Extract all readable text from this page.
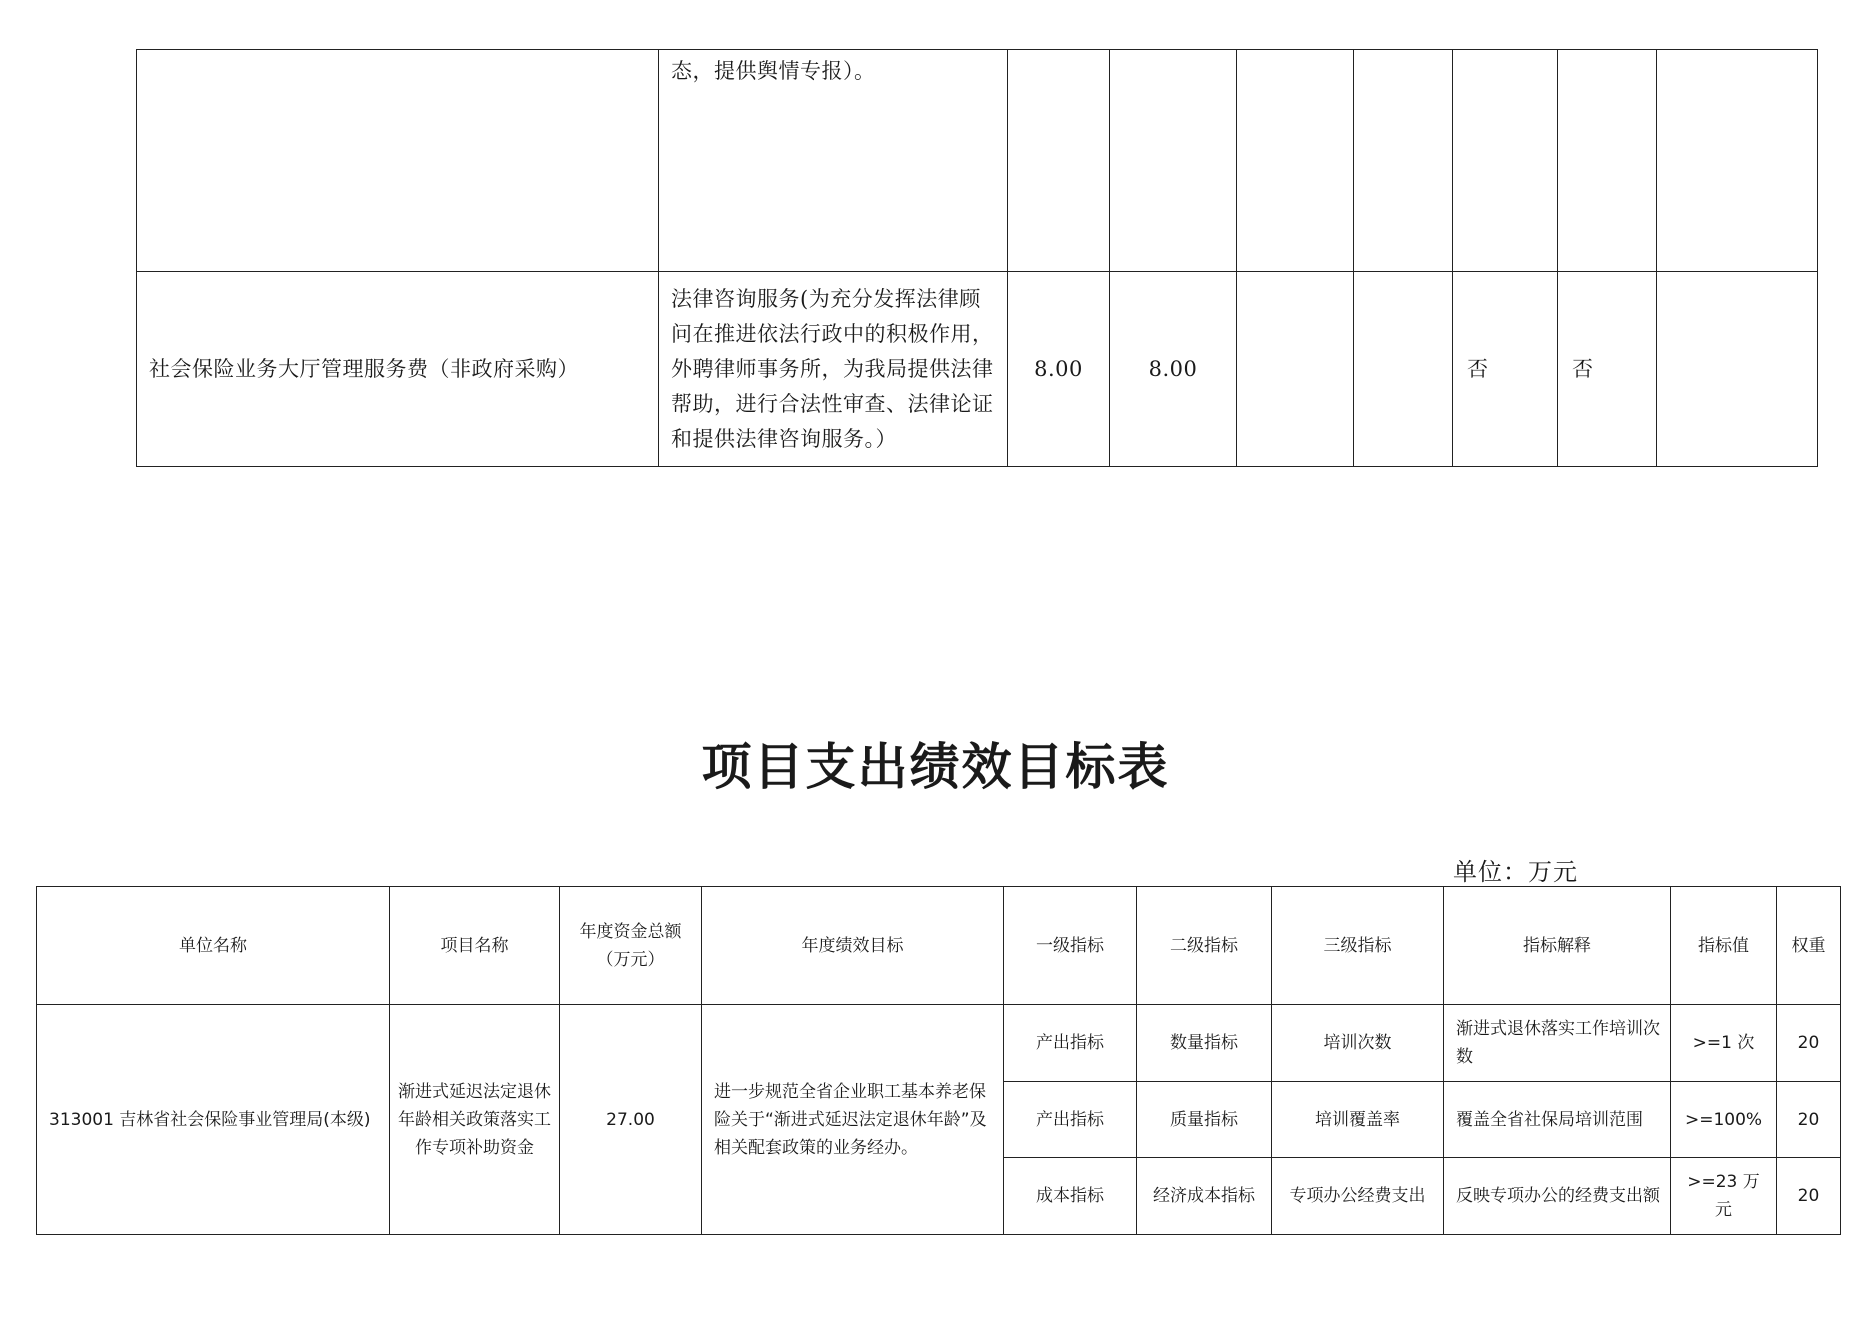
	态，提供舆情专报）。							
社会保险业务大厅管理服务费（非政府采购）	法律咨询服务(为充分发挥法律顾问在推进依法行政中的积极作用，外聘律师事务所，为我局提供法律帮助，进行合法性审查、法律论证和提供法律咨询服务。）	8.00	8.00			否	否	
项目支出绩效目标表
单位：万元
单位名称	项目名称	年度资金总额（万元）	年度绩效目标	一级指标	二级指标	三级指标	指标解释	指标值	权重
313001 吉林省社会保险事业管理局(本级)	渐进式延迟法定退休年龄相关政策落实工作专项补助资金	27.00	进一步规范全省企业职工基本养老保险关于“渐进式延迟法定退休年龄”及相关配套政策的业务经办。	产出指标	数量指标	培训次数	渐进式退休落实工作培训次数	>=1 次	20
				产出指标	质量指标	培训覆盖率	覆盖全省社保局培训范围	>=100%	20
				成本指标	经济成本指标	专项办公经费支出	反映专项办公的经费支出额	>=23 万元	20
